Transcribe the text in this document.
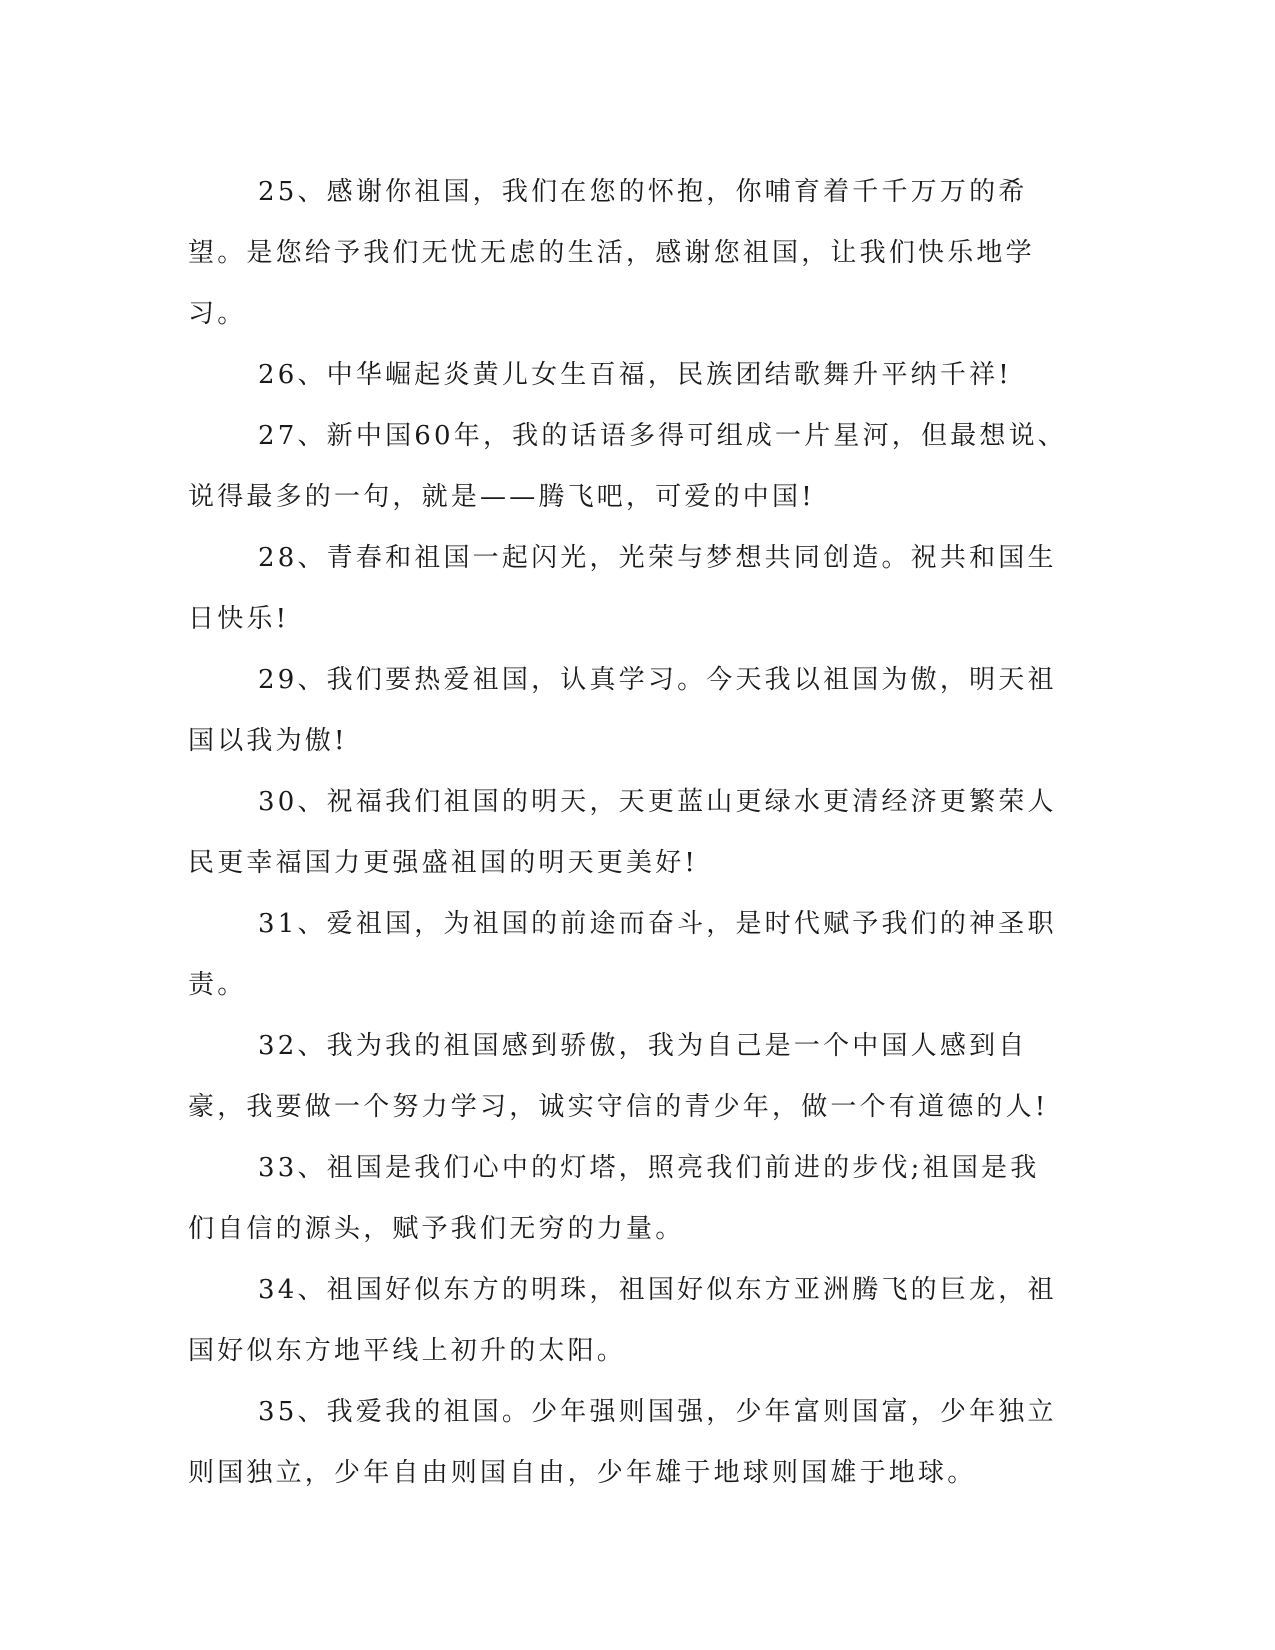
25、感谢你祖国，我们在您的怀抱，你哺育着千千万万的希望。是您给予我们无忧无虑的生活，感谢您祖国，让我们快乐地学习。

26、中华崛起炎黄儿女生百福，民族团结歌舞升平纳千祥!

27、新中国60年，我的话语多得可组成一片星河，但最想说、说得最多的一句，就是——腾飞吧，可爱的中国!

28、青春和祖国一起闪光，光荣与梦想共同创造。祝共和国生日快乐!

29、我们要热爱祖国，认真学习。今天我以祖国为傲，明天祖国以我为傲!

30、祝福我们祖国的明天，天更蓝山更绿水更清经济更繁荣人民更幸福国力更强盛祖国的明天更美好!

31、爱祖国，为祖国的前途而奋斗，是时代赋予我们的神圣职责。

32、我为我的祖国感到骄傲，我为自己是一个中国人感到自豪，我要做一个努力学习，诚实守信的青少年，做一个有道德的人!

33、祖国是我们心中的灯塔，照亮我们前进的步伐;祖国是我们自信的源头，赋予我们无穷的力量。

34、祖国好似东方的明珠，祖国好似东方亚洲腾飞的巨龙，祖国好似东方地平线上初升的太阳。

35、我爱我的祖国。少年强则国强，少年富则国富，少年独立则国独立，少年自由则国自由，少年雄于地球则国雄于地球。
